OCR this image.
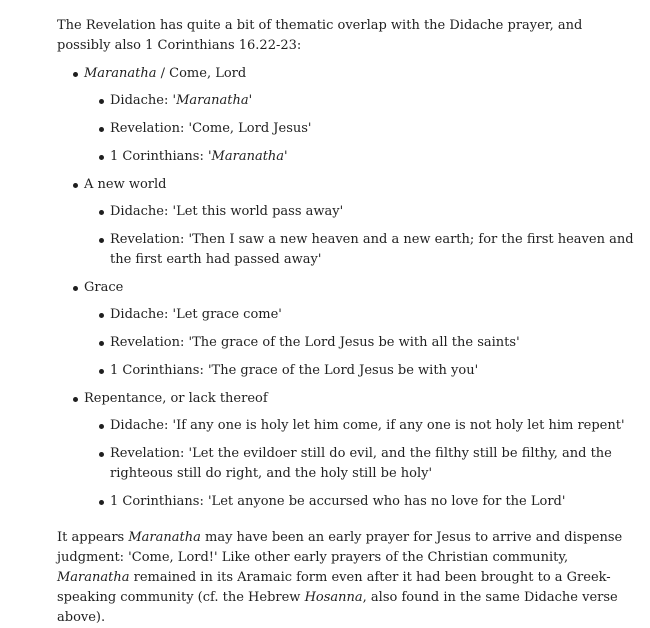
The Revelation has quite a bit of thematic overlap with the Didache prayer, and possibly also 1 Corinthians 16.22-23:

Maranatha / Come, Lord
Didache: 'Maranatha'
Revelation: 'Come, Lord Jesus'
1 Corinthians: 'Maranatha'
A new world
Didache: 'Let this world pass away'
Revelation: 'Then I saw a new heaven and a new earth; for the first heaven and the first earth had passed away'
Grace
Didache: 'Let grace come'
Revelation: 'The grace of the Lord Jesus be with all the saints'
1 Corinthians: 'The grace of the Lord Jesus be with you'
Repentance, or lack thereof
Didache: 'If any one is holy let him come, if any one is not holy let him repent'
Revelation: 'Let the evildoer still do evil, and the filthy still be filthy, and the righteous still do right, and the holy still be holy'
1 Corinthians: 'Let anyone be accursed who has no love for the Lord'

It appears Maranatha may have been an early prayer for Jesus to arrive and dispense judgment: 'Come, Lord!' Like other early prayers of the Christian community, Maranatha remained in its Aramaic form even after it had been brought to a Greek-speaking community (cf. the Hebrew Hosanna, also found in the same Didache verse above).
